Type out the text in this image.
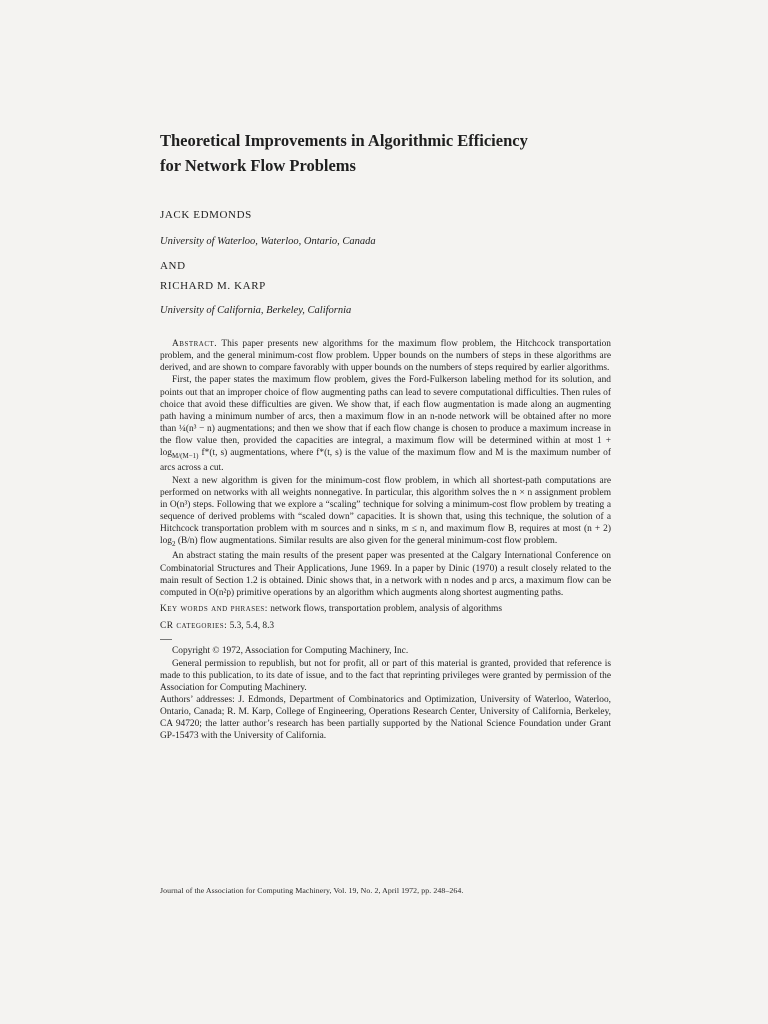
Theoretical Improvements in Algorithmic Efficiency
for Network Flow Problems
JACK EDMONDS
University of Waterloo, Waterloo, Ontario, Canada
AND
RICHARD M. KARP
University of California, Berkeley, California

Abstract. This paper presents new algorithms for the maximum flow problem, the Hitchcock transportation problem, and the general minimum-cost flow problem. Upper bounds on the numbers of steps in these algorithms are derived, and are shown to compare favorably with upper bounds on the numbers of steps required by earlier algorithms.

First, the paper states the maximum flow problem, gives the Ford-Fulkerson labeling method for its solution, and points out that an improper choice of flow augmenting paths can lead to severe computational difficulties. Then rules of choice that avoid these difficulties are given. We show that, if each flow augmentation is made along an augmenting path having a minimum number of arcs, then a maximum flow in an n-node network will be obtained after no more than ¼(n³ − n) augmentations; and then we show that if each flow change is chosen to produce a maximum increase in the flow value then, provided the capacities are integral, a maximum flow will be determined within at most $1 + \log_{M/(M-1)} f*(t$, s) augmentations, where f*(t, s) is the value of the maximum flow and M is the maximum number of arcs across a cut.

Next a new algorithm is given for the minimum-cost flow problem, in which all shortest-path computations are performed on networks with all weights nonnegative. In particular, this algorithm solves the n × n assignment problem in O(n³) steps. Following that we explore a “scaling” technique for solving a minimum-cost flow problem by treating a sequence of derived problems with “scaled down” capacities. It is shown that, using this technique, the solution of a Hitchcock transportation problem with m sources and n sinks, m ≤ n, and maximum flow B, requires at most (n + 2) $\log_2 (B/n)$ flow augmentations. Similar results are also given for the general minimum-cost flow problem.

An abstract stating the main results of the present paper was presented at the Calgary International Conference on Combinatorial Structures and Their Applications, June 1969. In a paper by Dinic (1970) a result closely related to the main result of Section 1.2 is obtained. Dinic shows that, in a network with n nodes and p arcs, a maximum flow can be computed in O(n²p) primitive operations by an algorithm which augments along shortest augmenting paths.

Key words and phrases: network flows, transportation problem, analysis of algorithms

CR categories: 5.3, 5.4, 8.3

Copyright © 1972, Association for Computing Machinery, Inc.

General permission to republish, but not for profit, all or part of this material is granted, provided that reference is made to this publication, to its date of issue, and to the fact that reprinting privileges were granted by permission of the Association for Computing Machinery.

Authors’ addresses: J. Edmonds, Department of Combinatorics and Optimization, University of Waterloo, Waterloo, Ontario, Canada; R. M. Karp, College of Engineering, Operations Research Center, University of California, Berkeley, CA 94720; the latter author’s research has been partially supported by the National Science Foundation under Grant GP-15473 with the University of California.

Journal of the Association for Computing Machinery, Vol. 19, No. 2, April 1972, pp. 248–264.
